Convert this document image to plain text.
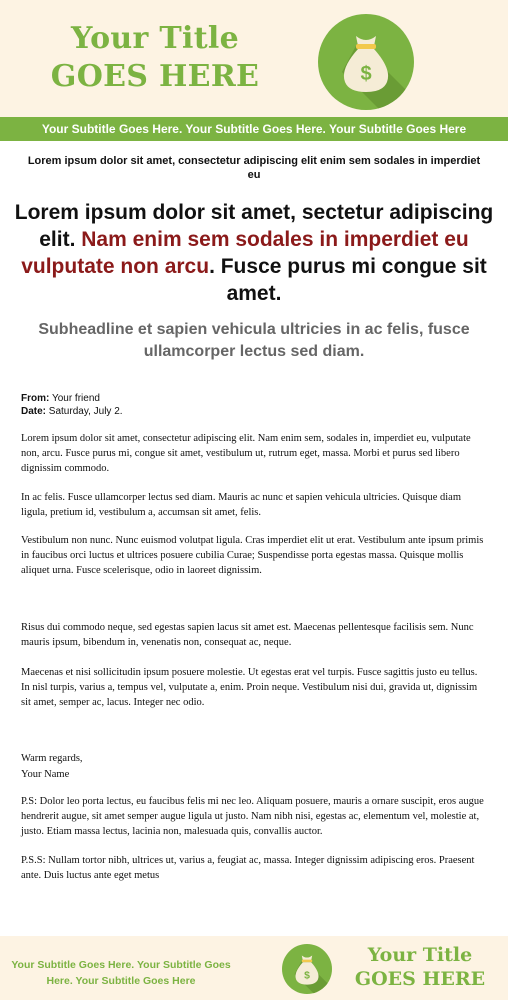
Your Title
GOES HERE	$
Your Subtitle Goes Here. Your Subtitle Goes Here. Your Subtitle Goes Here
Lorem ipsum dolor sit amet, consectetur adipiscing elit enim sem sodales in imperdiet eu
Lorem ipsum dolor sit amet, sectetur adipiscing elit. Nam enim sem sodales in imperdiet eu vulputate non arcu. Fusce purus mi congue sit amet.
Subheadline et sapien vehicula ultricies in ac felis, fusce ullamcorper lectus sed diam.
From: Your friend
Date: Saturday, July 2.

Lorem ipsum dolor sit amet, consectetur adipiscing elit. Nam enim sem, sodales in, imperdiet eu, vulputate non, arcu. Fusce purus mi, congue sit amet, vestibulum ut, rutrum eget, massa. Morbi et purus sed libero dignissim commodo.

In ac felis. Fusce ullamcorper lectus sed diam. Mauris ac nunc et sapien vehicula ultricies. Quisque diam ligula, pretium id, vestibulum a, accumsan sit amet, felis.

Vestibulum non nunc. Nunc euismod volutpat ligula. Cras imperdiet elit ut erat. Vestibulum ante ipsum primis in faucibus orci luctus et ultrices posuere cubilia Curae; Suspendisse porta egestas massa. Quisque mollis aliquet urna. Fusce scelerisque, odio in laoreet dignissim.

Risus dui commodo neque, sed egestas sapien lacus sit amet est. Maecenas pellentesque facilisis sem. Nunc mauris ipsum, bibendum in, venenatis non, consequat ac, neque.

Maecenas et nisi sollicitudin ipsum posuere molestie. Ut egestas erat vel turpis. Fusce sagittis justo eu tellus. In nisl turpis, varius a, tempus vel, vulputate a, enim. Proin neque. Vestibulum nisi dui, gravida ut, dignissim sit amet, semper ac, lacus. Integer nec odio.

Warm regards,

Your Name

P.S: Dolor leo porta lectus, eu faucibus felis mi nec leo. Aliquam posuere, mauris a ornare suscipit, eros augue hendrerit augue, sit amet semper augue ligula ut justo. Nam nibh nisi, egestas ac, elementum vel, molestie at, justo. Etiam massa lectus, lacinia non, malesuada quis, convallis auctor.

P.S.S: Nullam tortor nibh, ultrices ut, varius a, feugiat ac, massa. Integer dignissim adipiscing eros. Praesent ante. Duis luctus ante eget metus

Your Subtitle Goes Here. Your Subtitle Goes Here. Your Subtitle Goes Here	$
Your Title
GOES HERE
